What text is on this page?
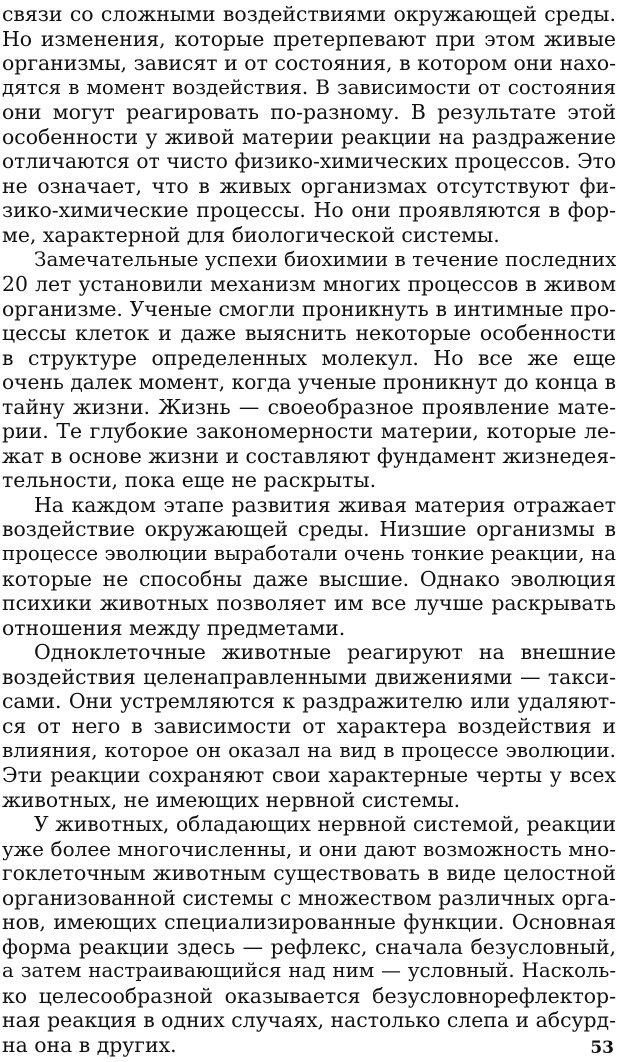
связи со сложными воздействиями окружающей среды.
Но изменения, которые претерпевают при этом живые
организмы, зависят и от состояния, в котором они нахо-
дятся в момент воздействия. В зависимости от состояния
они могут реагировать по-разному. В результате этой
особенности у живой материи реакции на раздражение
отличаются от чисто физико-химических процессов. Это
не означает, что в живых организмах отсутствуют фи-
зико-химические процессы. Но они проявляются в фор-
ме, характерной для биологической системы.
Замечательные успехи биохимии в течение последних
20 лет установили механизм многих процессов в живом
организме. Ученые смогли проникнуть в интимные про-
цессы клеток и даже выяснить некоторые особенности
в структуре определенных молекул. Но все же еще
очень далек момент, когда ученые проникнут до конца в
тайну жизни. Жизнь — своеобразное проявление мате-
рии. Те глубокие закономерности материи, которые ле-
жат в основе жизни и составляют фундамент жизнедея-
тельности, пока еще не раскрыты.
На каждом этапе развития живая материя отражает
воздействие окружающей среды. Низшие организмы в
процессе эволюции выработали очень тонкие реакции, на
которые не способны даже высшие. Однако эволюция
психики животных позволяет им все лучше раскрывать
отношения между предметами.
Одноклеточные животные реагируют на внешние
воздействия целенаправленными движениями — такси-
сами. Они устремляются к раздражителю или удаляют-
ся от него в зависимости от характера воздействия и
влияния, которое он оказал на вид в процессе эволюции.
Эти реакции сохраняют свои характерные черты у всех
животных, не имеющих нервной системы.
У животных, обладающих нервной системой, реакции
уже более многочисленны, и они дают возможность мно-
гоклеточным животным существовать в виде целостной
организованной системы с множеством различных орга-
нов, имеющих специализированные функции. Основная
форма реакции здесь — рефлекс, сначала безусловный,
а затем настраивающийся над ним — условный. Насколь-
ко целесообразной оказывается безусловнорефлектор-
ная реакция в одних случаях, настолько слепа и абсурд-
на она в других.	53
